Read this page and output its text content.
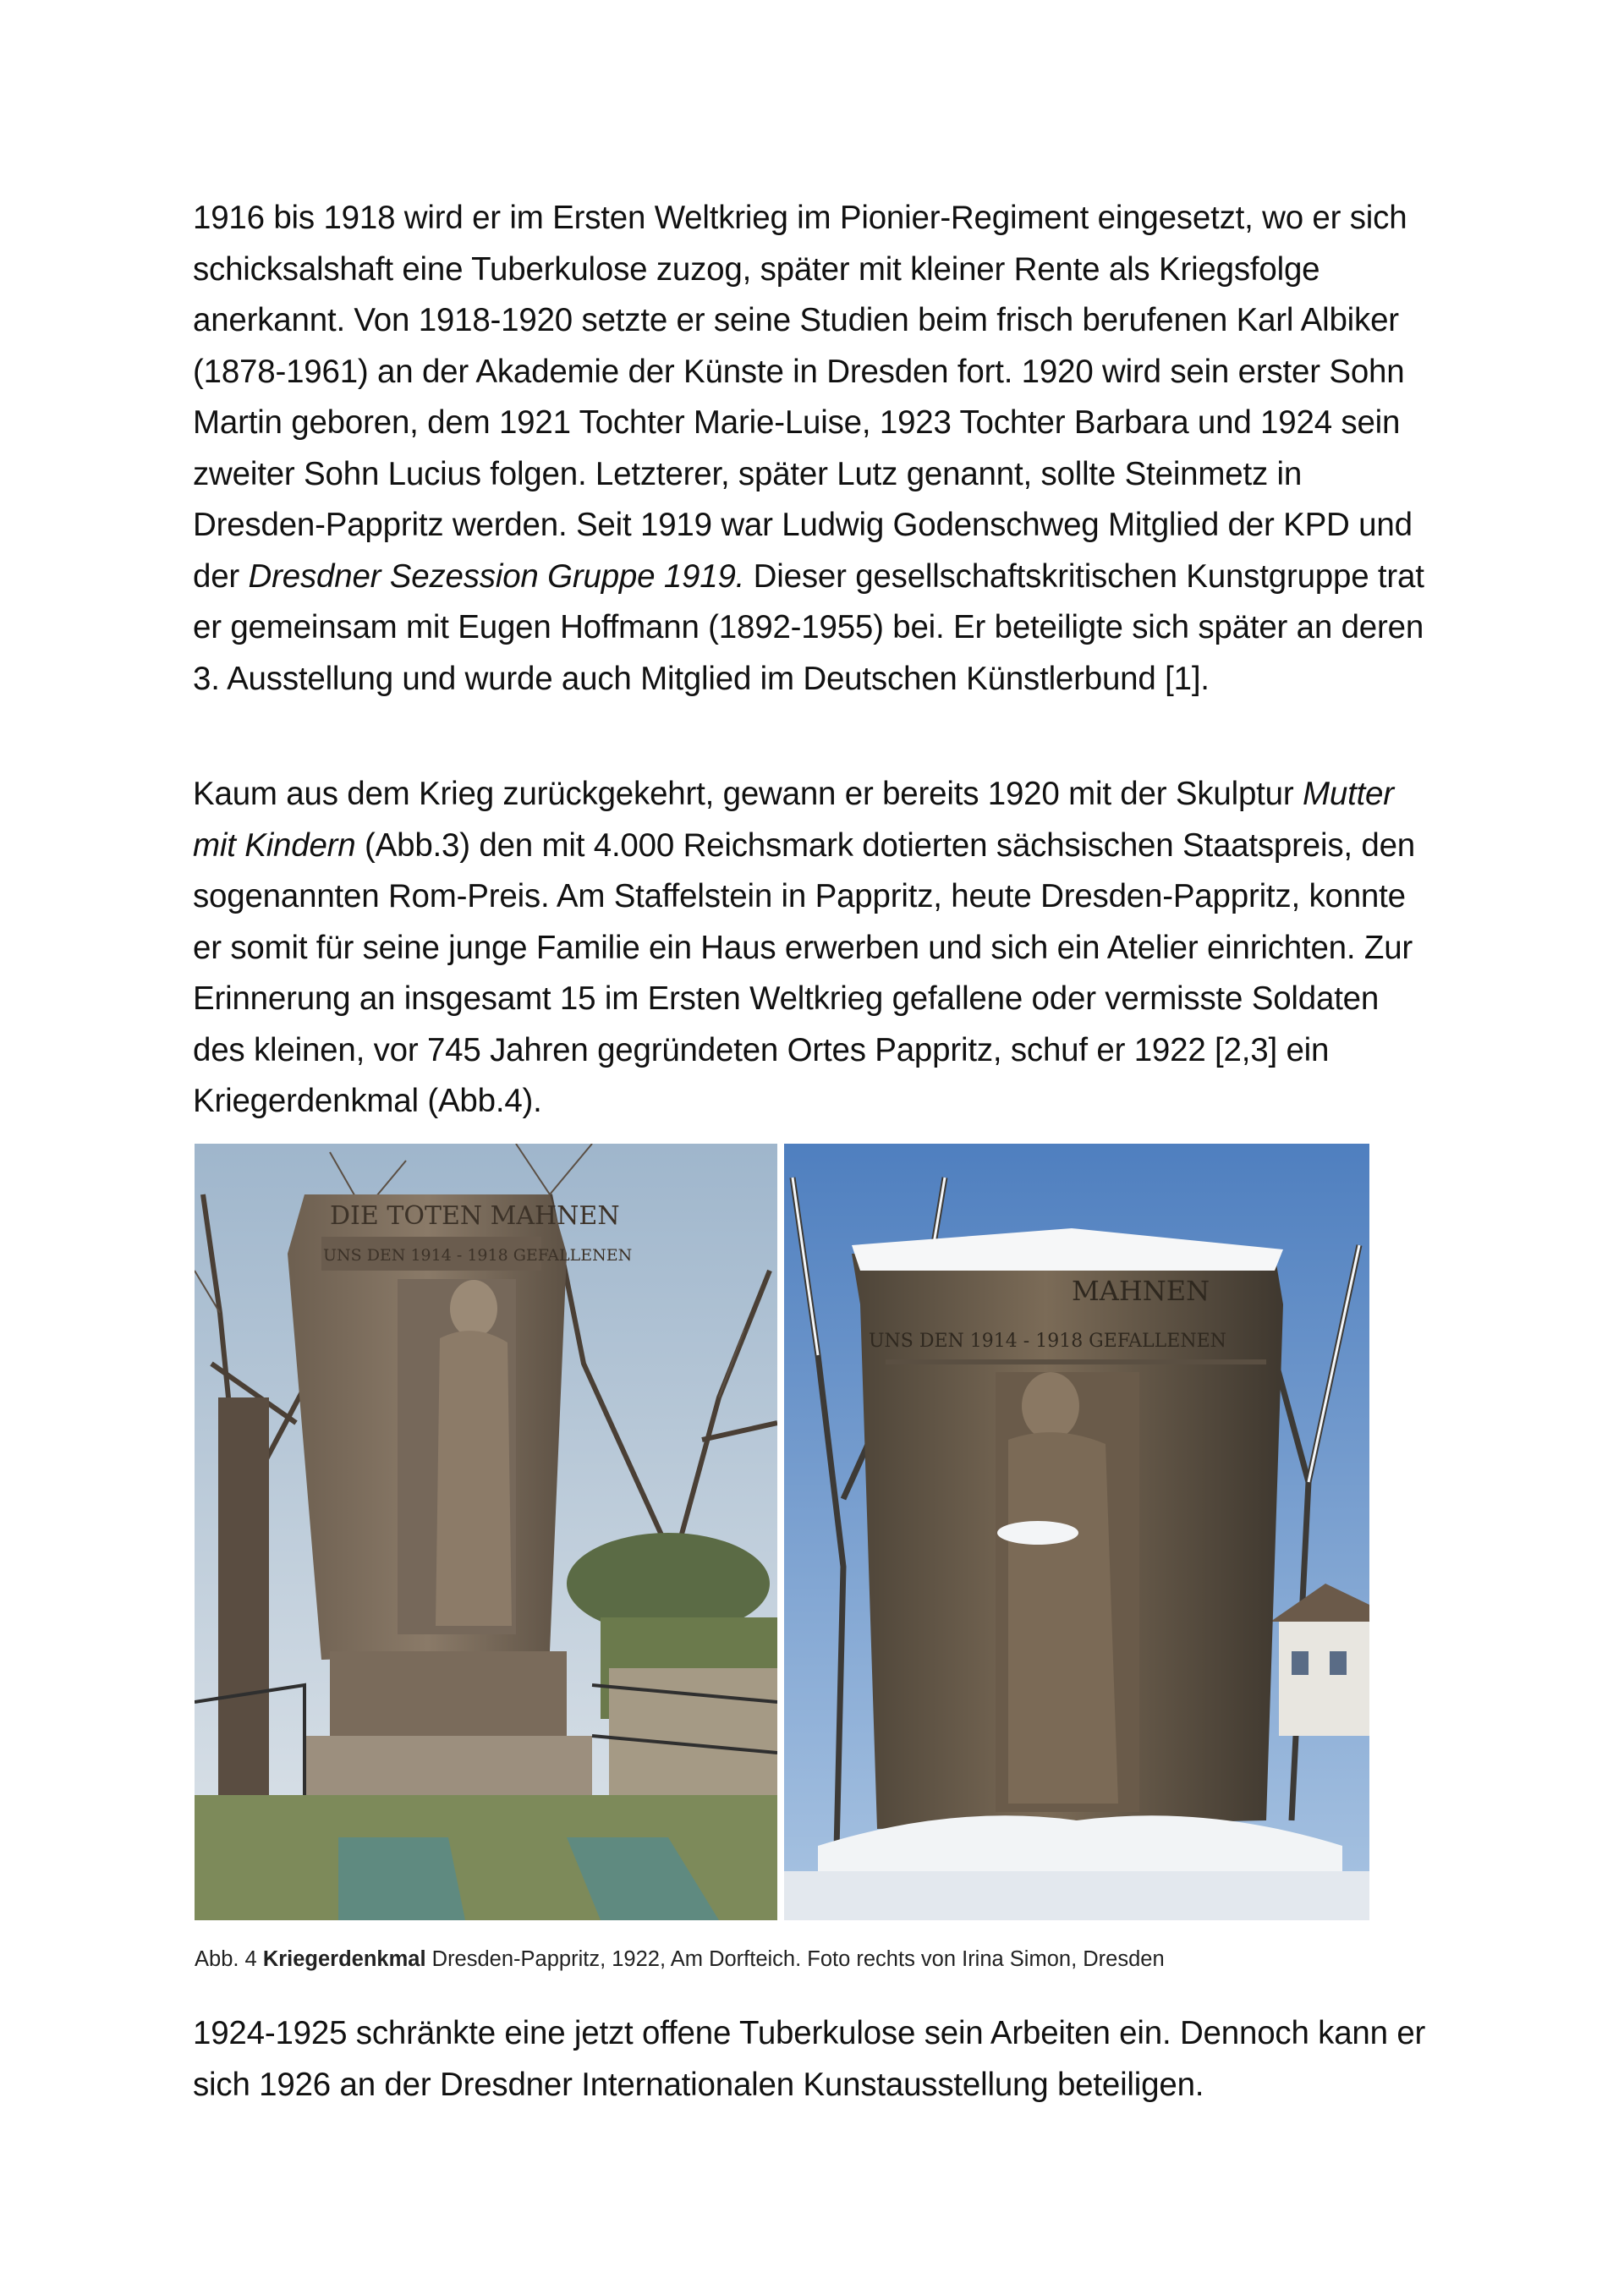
1916 bis 1918 wird er im Ersten Weltkrieg im Pionier-Regiment eingesetzt, wo er sich schicksalshaft eine Tuberkulose zuzog, später mit kleiner Rente als Kriegsfolge anerkannt. Von 1918-1920 setzte er seine Studien beim frisch berufenen Karl Albiker (1878-1961) an der Akademie der Künste in Dresden fort. 1920 wird sein erster Sohn Martin geboren, dem 1921 Tochter Marie-Luise, 1923 Tochter Barbara und 1924 sein zweiter Sohn Lucius folgen. Letzterer, später Lutz genannt, sollte Steinmetz in Dresden-Pappritz werden. Seit 1919 war Ludwig Godenschweg Mitglied der KPD und der Dresdner Sezession Gruppe 1919. Dieser gesellschaftskritischen Kunstgruppe trat er gemeinsam mit Eugen Hoffmann (1892-1955) bei. Er beteiligte sich später an deren 3. Ausstellung und wurde auch Mitglied im Deutschen Künstlerbund [1].

Kaum aus dem Krieg zurückgekehrt, gewann er bereits 1920 mit der Skulptur Mutter mit Kindern (Abb.3) den mit 4.000 Reichsmark dotierten sächsischen Staatspreis, den sogenannten Rom-Preis. Am Staffelstein in Pappritz, heute Dresden-Pappritz, konnte er somit für seine junge Familie ein Haus erwerben und sich ein Atelier einrichten. Zur Erinnerung an insgesamt 15 im Ersten Weltkrieg gefallene oder vermisste Soldaten des kleinen, vor 745 Jahren gegründeten Ortes Pappritz, schuf er 1922 [2,3] ein Kriegerdenkmal (Abb.4).

DIE TOTEN MAHNEN
UNS DEN 1914 - 1918 GEFALLENEN
MAHNEN
UNS DEN 1914 - 1918 GEFALLENEN
Abb. 4 Kriegerdenkmal Dresden-Pappritz, 1922, Am Dorfteich. Foto rechts von Irina Simon, Dresden

1924-1925 schränkte eine jetzt offene Tuberkulose sein Arbeiten ein. Dennoch kann er sich 1926 an der Dresdner Internationalen Kunstausstellung beteiligen.
